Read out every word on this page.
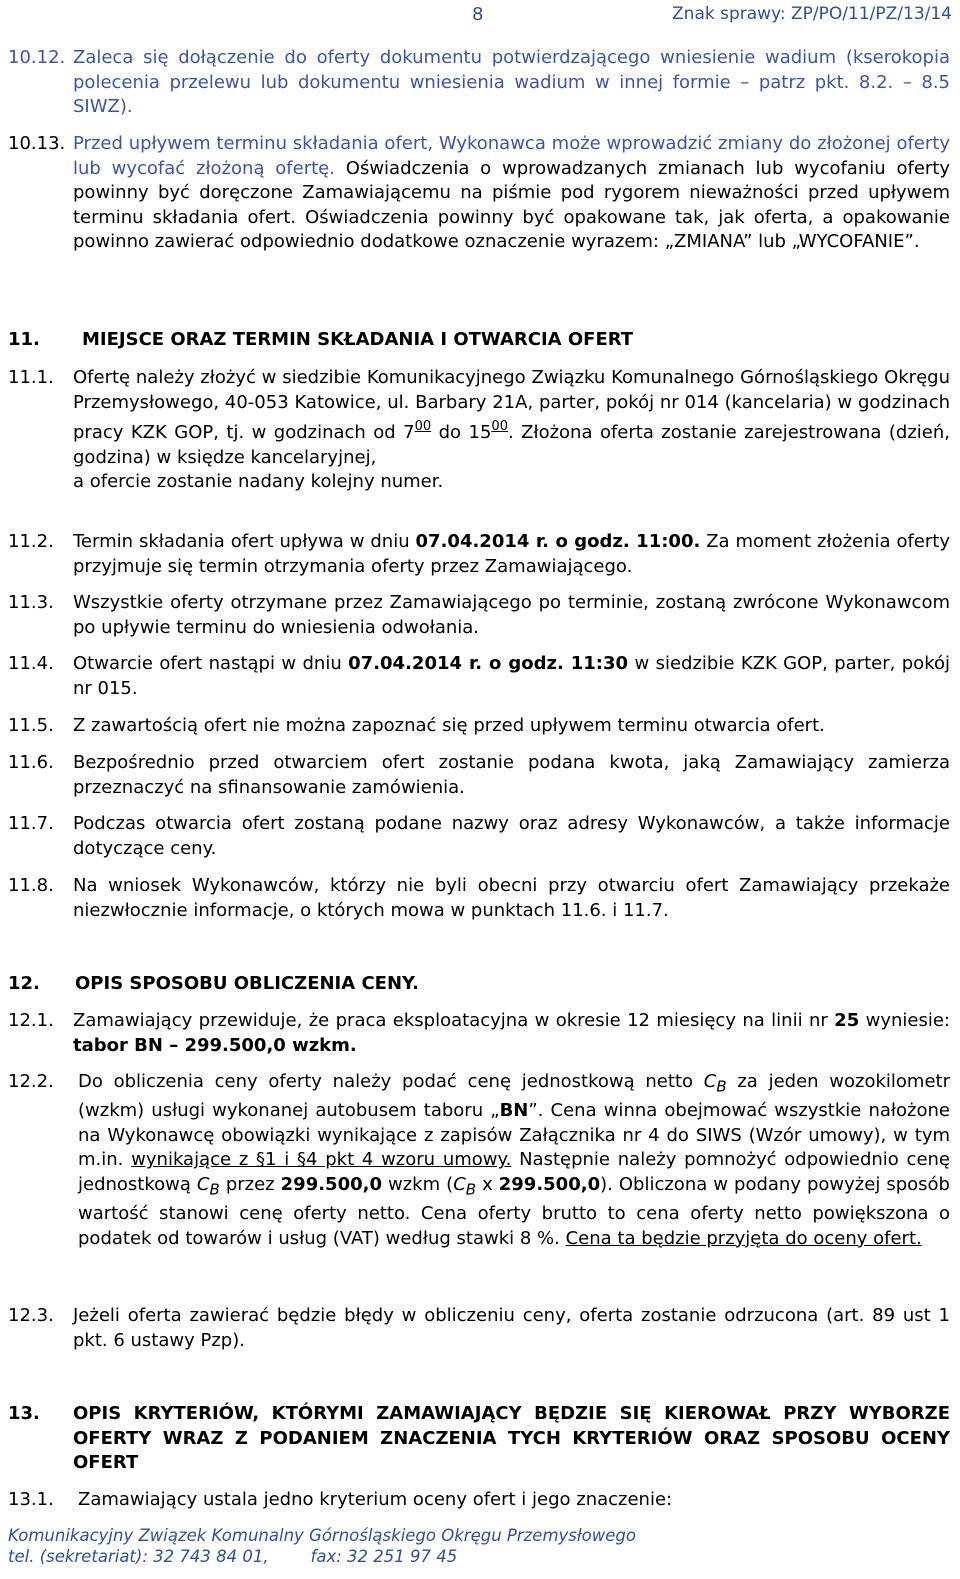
8	Znak sprawy: ZP/PO/11/PZ/13/14
10.12. Zaleca się dołączenie do oferty dokumentu potwierdzającego wniesienie wadium (kserokopia polecenia przelewu lub dokumentu wniesienia wadium w innej formie – patrz pkt. 8.2. – 8.5 SIWZ).
10.13. Przed upływem terminu składania ofert, Wykonawca może wprowadzić zmiany do złożonej oferty lub wycofać złożoną ofertę. Oświadczenia o wprowadzanych zmianach lub wycofaniu oferty powinny być doręczone Zamawiającemu na piśmie pod rygorem nieważności przed upływem terminu składania ofert. Oświadczenia powinny być opakowane tak, jak oferta, a opakowanie powinno zawierać odpowiednio dodatkowe oznaczenie wyrazem: „ZMIANA” lub „WYCOFANIE”.
11. MIEJSCE ORAZ TERMIN SKŁADANIA I OTWARCIA OFERT
11.1. Ofertę należy złożyć w siedzibie Komunikacyjnego Związku Komunalnego Górnośląskiego Okręgu Przemysłowego, 40-053 Katowice, ul. Barbary 21A, parter, pokój nr 014 (kancelaria) w godzinach pracy KZK GOP, tj. w godzinach od $7^{00}$ do $15^{00}$. Złożona oferta zostanie zarejestrowana (dzień, godzina) w księdze kancelaryjnej,
a ofercie zostanie nadany kolejny numer.
11.2. Termin składania ofert upływa w dniu 07.04.2014 r. o godz. 11:00. Za moment złożenia oferty przyjmuje się termin otrzymania oferty przez Zamawiającego.
11.3. Wszystkie oferty otrzymane przez Zamawiającego po terminie, zostaną zwrócone Wykonawcom po upływie terminu do wniesienia odwołania.
11.4. Otwarcie ofert nastąpi w dniu 07.04.2014 r. o godz. 11:30 w siedzibie KZK GOP, parter, pokój nr 015.
11.5. Z zawartością ofert nie można zapoznać się przed upływem terminu otwarcia ofert.
11.6. Bezpośrednio przed otwarciem ofert zostanie podana kwota, jaką Zamawiający zamierza przeznaczyć na sfinansowanie zamówienia.
11.7. Podczas otwarcia ofert zostaną podane nazwy oraz adresy Wykonawców, a także informacje dotyczące ceny.
11.8. Na wniosek Wykonawców, którzy nie byli obecni przy otwarciu ofert Zamawiający przekaże niezwłocznie informacje, o których mowa w punktach 11.6. i 11.7.
12. OPIS SPOSOBU OBLICZENIA CENY.
12.1. Zamawiający przewiduje, że praca eksploatacyjna w okresie 12 miesięcy na linii nr 25 wyniesie: tabor BN – 299.500,0 wzkm.
12.2. Do obliczenia ceny oferty należy podać cenę jednostkową netto $C_B$ za jeden wozokilometr (wzkm) usługi wykonanej autobusem taboru „BN”. Cena winna obejmować wszystkie nałożone na Wykonawcę obowiązki wynikające z zapisów Załącznika nr 4 do SIWS (Wzór umowy), w tym m.in. wynikające z §1 i §4 pkt 4 wzoru umowy. Następnie należy pomnożyć odpowiednio cenę jednostkową $C_B$ przez 299.500,0 wzkm ($C_B$ x 299.500,0). Obliczona w podany powyżej sposób wartość stanowi cenę oferty netto. Cena oferty brutto to cena oferty netto powiększona o podatek od towarów i usług (VAT) według stawki 8 %. Cena ta będzie przyjęta do oceny ofert.
12.3. Jeżeli oferta zawierać będzie błędy w obliczeniu ceny, oferta zostanie odrzucona (art. 89 ust 1 pkt. 6 ustawy Pzp).
13. OPIS KRYTERIÓW, KTÓRYMI ZAMAWIAJĄCY BĘDZIE SIĘ KIEROWAŁ PRZY WYBORZE OFERTY WRAZ Z PODANIEM ZNACZENIA TYCH KRYTERIÓW ORAZ SPOSOBU OCENY OFERT
13.1. Zamawiający ustala jedno kryterium oceny ofert i jego znaczenie:
Komunikacyjny Związek Komunalny Górnośląskiego Okręgu Przemysłowego
tel. (sekretariat): 32 743 84 01,        fax: 32 251 97 45
